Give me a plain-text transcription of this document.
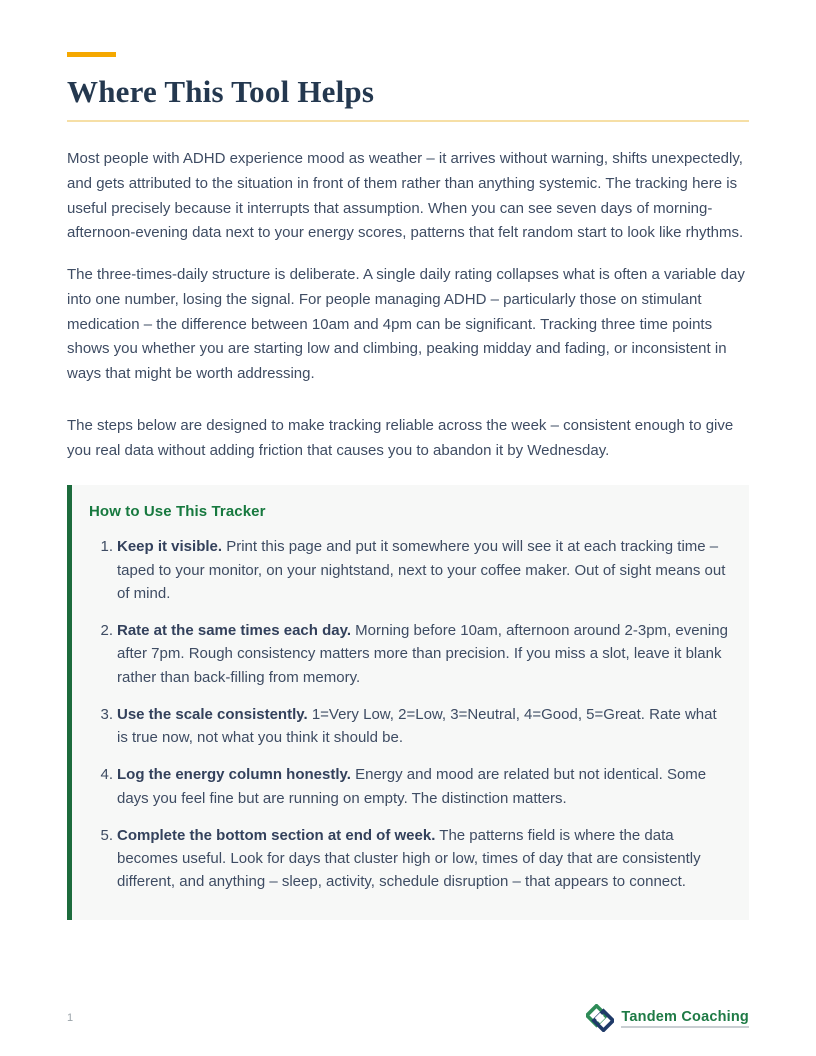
Where This Tool Helps

Most people with ADHD experience mood as weather – it arrives without warning, shifts unexpectedly, and gets attributed to the situation in front of them rather than anything systemic. The tracking here is useful precisely because it interrupts that assumption. When you can see seven days of morning-afternoon-evening data next to your energy scores, patterns that felt random start to look like rhythms.

The three-times-daily structure is deliberate. A single daily rating collapses what is often a variable day into one number, losing the signal. For people managing ADHD – particularly those on stimulant medication – the difference between 10am and 4pm can be significant. Tracking three time points shows you whether you are starting low and climbing, peaking midday and fading, or inconsistent in ways that might be worth addressing.

The steps below are designed to make tracking reliable across the week – consistent enough to give you real data without adding friction that causes you to abandon it by Wednesday.

How to Use This Tracker
1. Keep it visible. Print this page and put it somewhere you will see it at each tracking time – taped to your monitor, on your nightstand, next to your coffee maker. Out of sight means out of mind.
2. Rate at the same times each day. Morning before 10am, afternoon around 2-3pm, evening after 7pm. Rough consistency matters more than precision. If you miss a slot, leave it blank rather than back-filling from memory.
3. Use the scale consistently. 1=Very Low, 2=Low, 3=Neutral, 4=Good, 5=Great. Rate what is true now, not what you think it should be.
4. Log the energy column honestly. Energy and mood are related but not identical. Some days you feel fine but are running on empty. The distinction matters.
5. Complete the bottom section at end of week. The patterns field is where the data becomes useful. Look for days that cluster high or low, times of day that are consistently different, and anything – sleep, activity, schedule disruption – that appears to connect.
1	Tandem Coaching
